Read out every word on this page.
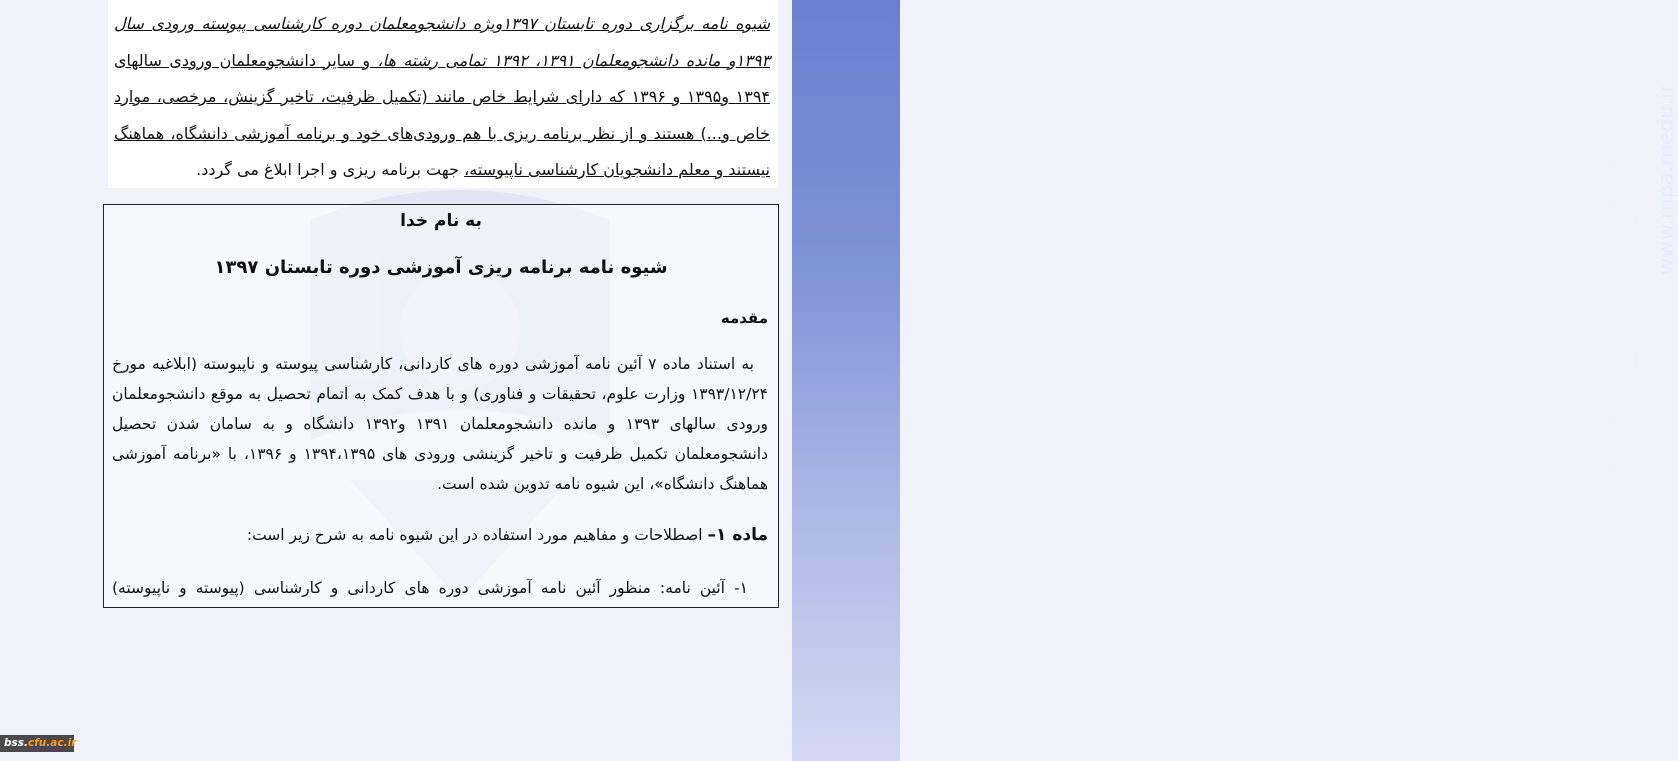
...رک قدس، بلوار شهید فرحزادی، خیابان تربیت معلم، دانشگاه فرهنگیان ...۸۷۷۵۱۲۰۰ – نمابر: ۸۸۶۹۸۸۶۴ – کد پستی: ۱۴۶۶۹۹۳۹۶۱ www.mpa.medu.ir

شیوه نامه برگزاری دوره تابستان ۱۳۹۷ویژه دانشجومعلمان دوره کارشناسی پیوسته ورودی سال ۱۳۹۳و مانده دانشجومعلمان ۱۳۹۱، ۱۳۹۲ تمامی رشته ها، و سایر دانشجومعلمان ورودی سالهای ۱۳۹۴ و۱۳۹۵ و ۱۳۹۶ که دارای شرایط خاص مانند (تکمیل ظرفیت، تاخیر گزینش، مرخصی، موارد خاص و...) هستند و از نظر برنامه ریزی با هم ورودی‌های خود و برنامه آموزشی دانشگاه، هماهنگ نیستند و معلم دانشجویان کارشناسی ناپیوسته، جهت برنامه ریزی و اجرا ابلاغ می گردد.

به نام خدا
شیوه نامه برنامه ریزی آموزشی دوره تابستان ۱۳۹۷
مقدمه

به استناد ماده ۷ آئین نامه آموزشی دوره های کاردانی، کارشناسی پیوسته و ناپیوسته (ابلاغیه مورخ ۱۳۹۳/۱۲/۲۴ وزارت علوم، تحقیقات و فناوری) و با هدف کمک به اتمام تحصیل به موقع دانشجومعلمان ورودی سالهای ۱۳۹۳ و مانده دانشجومعلمان ۱۳۹۱ و۱۳۹۲ دانشگاه و به سامان شدن تحصیل دانشجومعلمان تکمیل ظرفیت و تاخیر گزینشی ورودی های ۱۳۹۴،۱۳۹۵ و ۱۳۹۶، با «برنامه آموزشی هماهنگ دانشگاه»، این شیوه نامه تدوین شده است.

ماده ۱– اصطلاحات و مفاهیم مورد استفاده در این شیوه نامه به شرح زیر است:
۱- آئین نامه: منظور آئین نامه آموزشی دوره های کاردانی و کارشناسی (پیوسته و ناپیوسته)
bss.cfu.ac.ir
